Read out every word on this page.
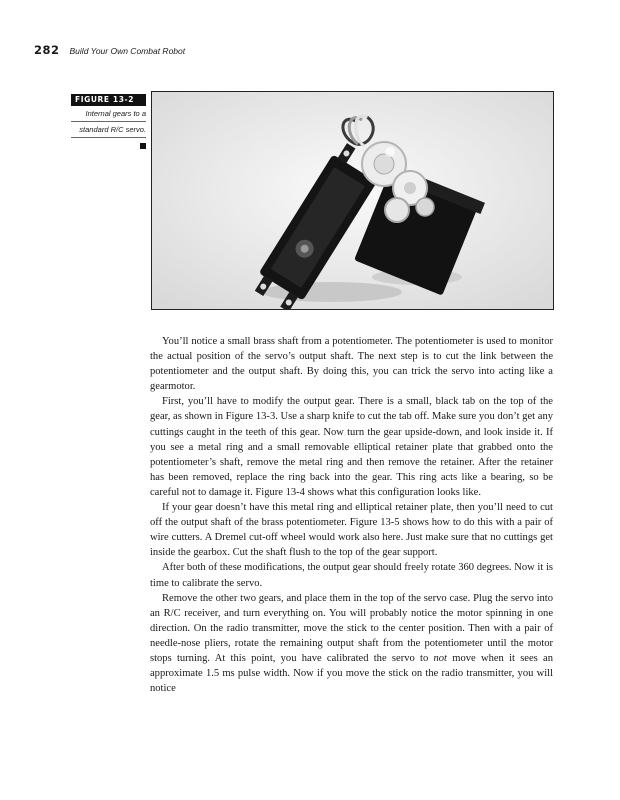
282 Build Your Own Combat Robot
FIGURE 13-2
Internal gears to a
standard R/C servo.

You’ll notice a small brass shaft from a potentiometer. The potentiometer is used to monitor the actual position of the servo’s output shaft. The next step is to cut the link between the potentiometer and the output shaft. By doing this, you can trick the servo into acting like a gearmotor.

First, you’ll have to modify the output gear. There is a small, black tab on the top of the gear, as shown in Figure 13-3. Use a sharp knife to cut the tab off. Make sure you don’t get any cuttings caught in the teeth of this gear. Now turn the gear upside-down, and look inside it. If you see a metal ring and a small removable elliptical retainer plate that grabbed onto the potentiometer’s shaft, remove the metal ring and then remove the retainer. After the retainer has been removed, replace the ring back into the gear. This ring acts like a bearing, so be careful not to damage it. Figure 13-4 shows what this configuration looks like.

If your gear doesn’t have this metal ring and elliptical retainer plate, then you’ll need to cut off the output shaft of the brass potentiometer. Figure 13-5 shows how to do this with a pair of wire cutters. A Dremel cut-off wheel would work also here. Just make sure that no cuttings get inside the gearbox. Cut the shaft flush to the top of the gear support.

After both of these modifications, the output gear should freely rotate 360 degrees. Now it is time to calibrate the servo.

Remove the other two gears, and place them in the top of the servo case. Plug the servo into an R/C receiver, and turn everything on. You will probably notice the motor spinning in one direction. On the radio transmitter, move the stick to the center position. Then with a pair of needle-nose pliers, rotate the remaining output shaft from the potentiometer until the motor stops turning. At this point, you have calibrated the servo to not move when it sees an approximate 1.5 ms pulse width. Now if you move the stick on the radio transmitter, you will notice
